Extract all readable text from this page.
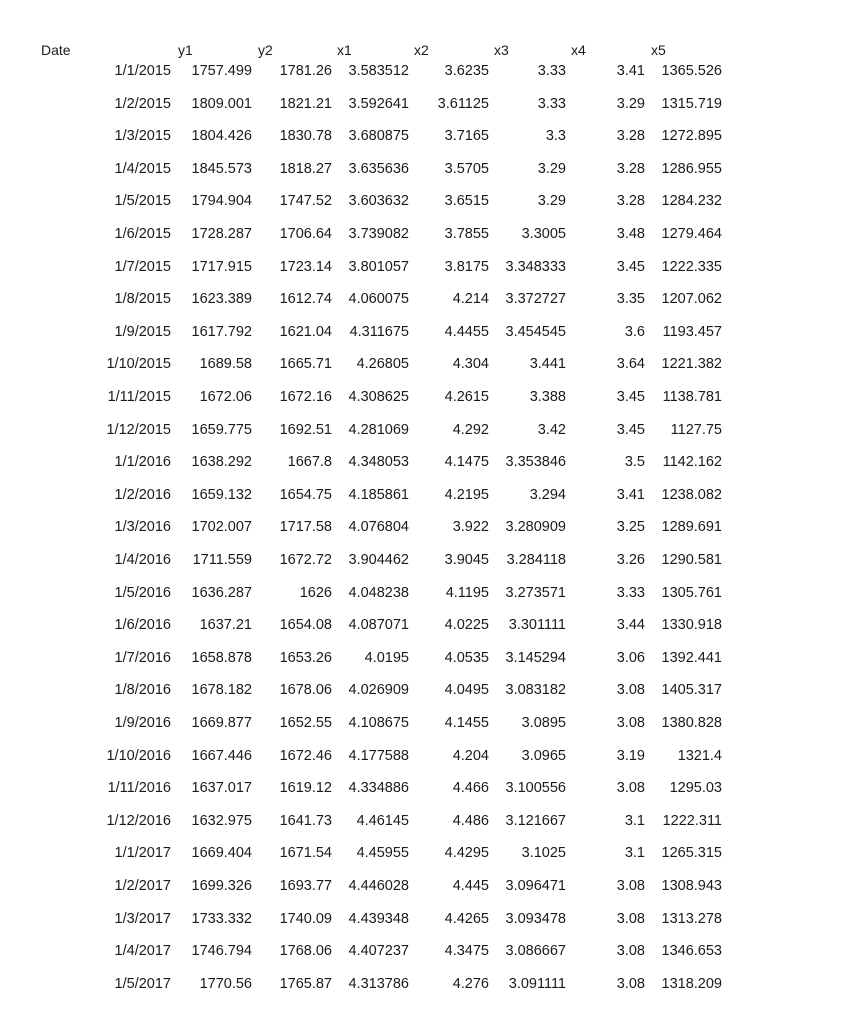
Date	y1	y2	x1	x2	x3	x4	x5
1/1/2015	1757.499	1781.26	3.583512	3.6235	3.33	3.41	1365.526
1/2/2015	1809.001	1821.21	3.592641	3.61125	3.33	3.29	1315.719
1/3/2015	1804.426	1830.78	3.680875	3.7165	3.3	3.28	1272.895
1/4/2015	1845.573	1818.27	3.635636	3.5705	3.29	3.28	1286.955
1/5/2015	1794.904	1747.52	3.603632	3.6515	3.29	3.28	1284.232
1/6/2015	1728.287	1706.64	3.739082	3.7855	3.3005	3.48	1279.464
1/7/2015	1717.915	1723.14	3.801057	3.8175	3.348333	3.45	1222.335
1/8/2015	1623.389	1612.74	4.060075	4.214	3.372727	3.35	1207.062
1/9/2015	1617.792	1621.04	4.311675	4.4455	3.454545	3.6	1193.457
1/10/2015	1689.58	1665.71	4.26805	4.304	3.441	3.64	1221.382
1/11/2015	1672.06	1672.16	4.308625	4.2615	3.388	3.45	1138.781
1/12/2015	1659.775	1692.51	4.281069	4.292	3.42	3.45	1127.75
1/1/2016	1638.292	1667.8	4.348053	4.1475	3.353846	3.5	1142.162
1/2/2016	1659.132	1654.75	4.185861	4.2195	3.294	3.41	1238.082
1/3/2016	1702.007	1717.58	4.076804	3.922	3.280909	3.25	1289.691
1/4/2016	1711.559	1672.72	3.904462	3.9045	3.284118	3.26	1290.581
1/5/2016	1636.287	1626	4.048238	4.1195	3.273571	3.33	1305.761
1/6/2016	1637.21	1654.08	4.087071	4.0225	3.301111	3.44	1330.918
1/7/2016	1658.878	1653.26	4.0195	4.0535	3.145294	3.06	1392.441
1/8/2016	1678.182	1678.06	4.026909	4.0495	3.083182	3.08	1405.317
1/9/2016	1669.877	1652.55	4.108675	4.1455	3.0895	3.08	1380.828
1/10/2016	1667.446	1672.46	4.177588	4.204	3.0965	3.19	1321.4
1/11/2016	1637.017	1619.12	4.334886	4.466	3.100556	3.08	1295.03
1/12/2016	1632.975	1641.73	4.46145	4.486	3.121667	3.1	1222.311
1/1/2017	1669.404	1671.54	4.45955	4.4295	3.1025	3.1	1265.315
1/2/2017	1699.326	1693.77	4.446028	4.445	3.096471	3.08	1308.943
1/3/2017	1733.332	1740.09	4.439348	4.4265	3.093478	3.08	1313.278
1/4/2017	1746.794	1768.06	4.407237	4.3475	3.086667	3.08	1346.653
1/5/2017	1770.56	1765.87	4.313786	4.276	3.091111	3.08	1318.209
